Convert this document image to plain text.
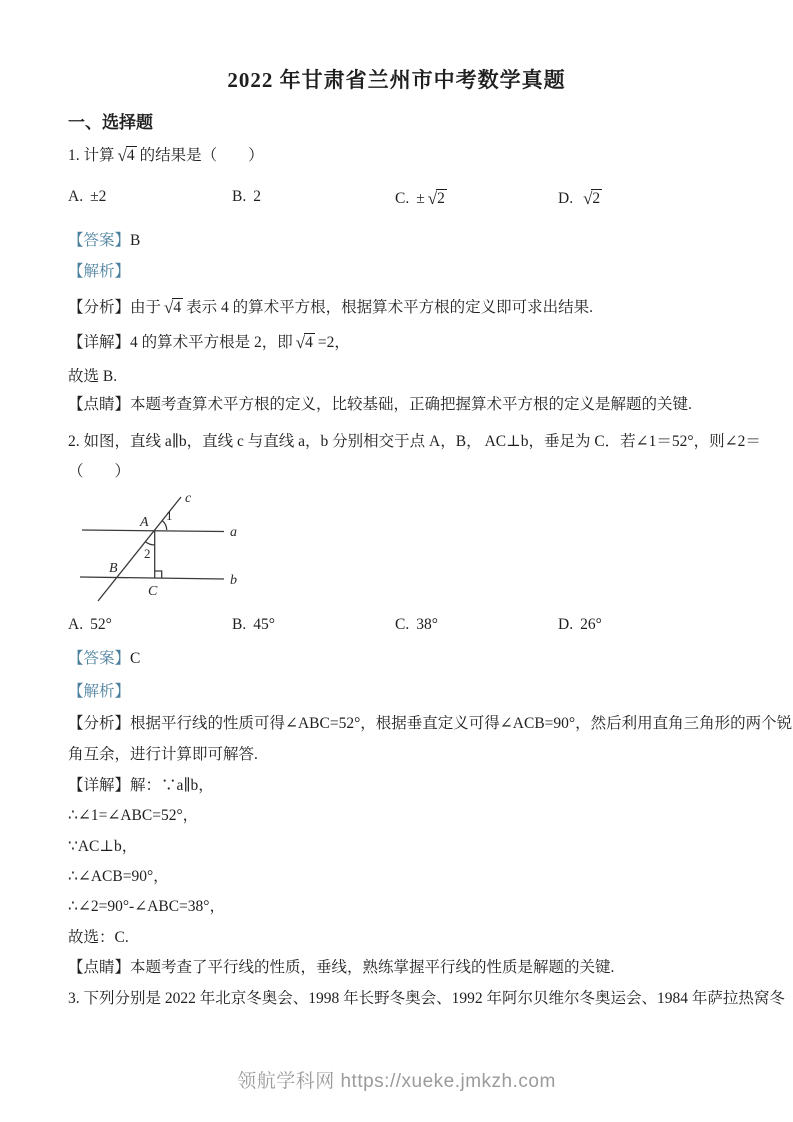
2022 年甘肃省兰州市中考数学真题
一、选择题
1. 计算 √4 的结果是（　　）
A. ±2	B. 2	C. ± √2	D. √2
【答案】B
【解析】
【分析】由于 √4 表示 4 的算术平方根，根据算术平方根的定义即可求出结果.
【详解】4 的算术平方根是 2，即 √4 =2，
故选 B.
【点睛】本题考查算术平方根的定义，比较基础，正确把握算术平方根的定义是解题的关键.
2. 如图，直线 a∥b，直线 c 与直线 a，b 分别相交于点 A，B， AC⊥b，垂足为 C．若∠1＝52°，则∠2＝
（　　）
c
a
b
A
B
C
1
2
A. 52°	B. 45°	C. 38°	D. 26°
【答案】C
【解析】
【分析】根据平行线的性质可得∠ABC=52°，根据垂直定义可得∠ACB=90°，然后利用直角三角形的两个锐
角互余，进行计算即可解答.
【详解】解：∵a∥b，
∴∠1=∠ABC=52°，
∵AC⊥b，
∴∠ACB=90°，
∴∠2=90°-∠ABC=38°，
故选：C.
【点睛】本题考查了平行线的性质，垂线，熟练掌握平行线的性质是解题的关键.
3. 下列分别是 2022 年北京冬奥会、1998 年长野冬奥会、1992 年阿尔贝维尔冬奥运会、1984 年萨拉热窝冬
领航学科网 https://xueke.jmkzh.com
